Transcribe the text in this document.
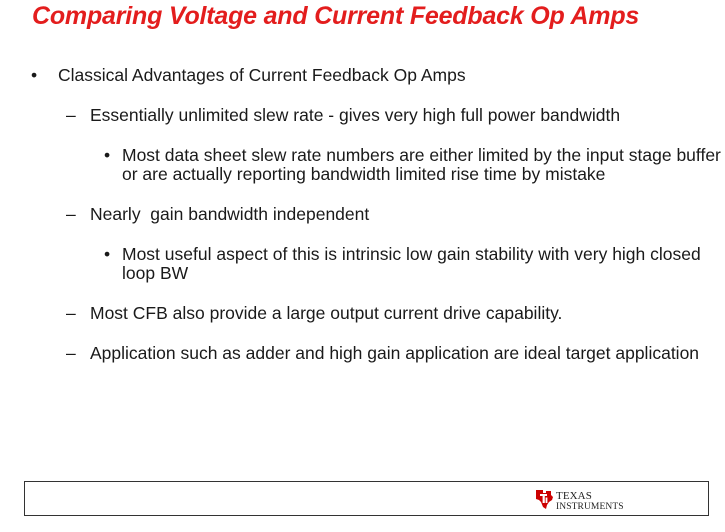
Comparing Voltage and Current Feedback Op Amps
• Classical Advantages of Current Feedback Op Amps
– Essentially unlimited slew rate - gives very high full power bandwidth
• Most data sheet slew rate numbers are either limited by the input stage buffer
or are actually reporting bandwidth limited rise time by mistake
– Nearly  gain bandwidth independent
• Most useful aspect of this is intrinsic low gain stability with very high closed
loop BW
– Most CFB also provide a large output current drive capability.
– Application such as adder and high gain application are ideal target application
TEXAS
INSTRUMENTS
